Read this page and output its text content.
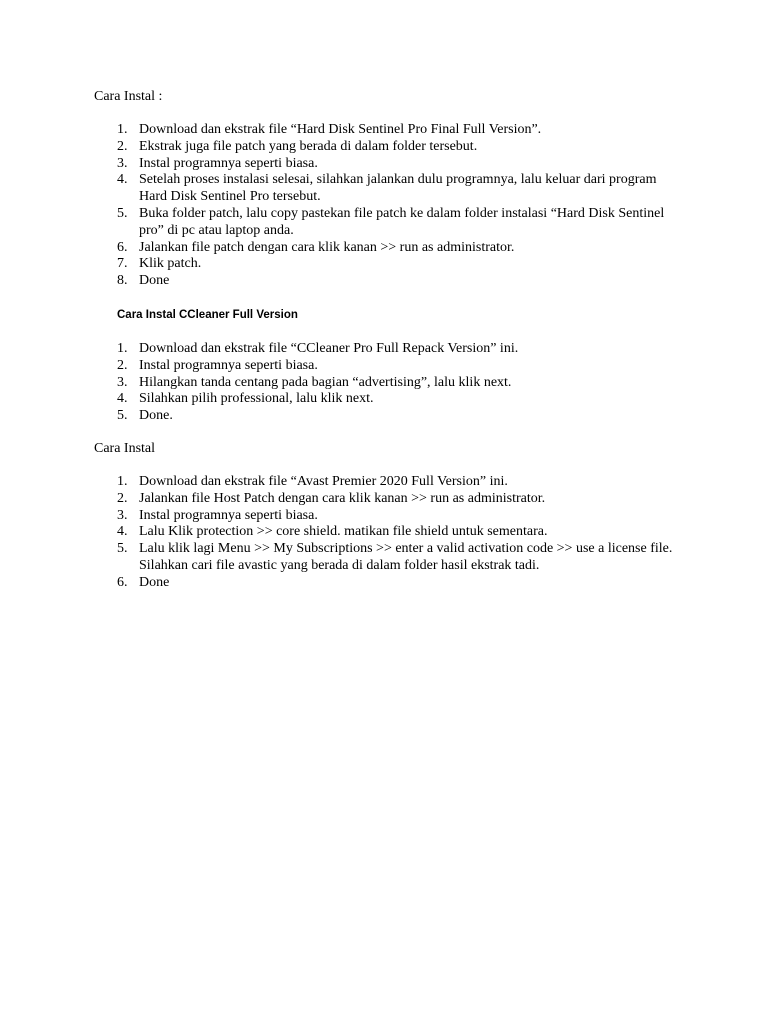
Cara Instal :

1. Download dan ekstrak file “Hard Disk Sentinel Pro Final Full Version”.
2. Ekstrak juga file patch yang berada di dalam folder tersebut.
3. Instal programnya seperti biasa.
4. Setelah proses instalasi selesai, silahkan jalankan dulu programnya, lalu keluar dari program Hard Disk Sentinel Pro tersebut.
5. Buka folder patch, lalu copy pastekan file patch ke dalam folder instalasi “Hard Disk Sentinel pro” di pc atau laptop anda.
6. Jalankan file patch dengan cara klik kanan >> run as administrator.
7. Klik patch.
8. Done

Cara Instal CCleaner Full Version

1. Download dan ekstrak file “CCleaner Pro Full Repack Version” ini.
2. Instal programnya seperti biasa.
3. Hilangkan tanda centang pada bagian “advertising”, lalu klik next.
4. Silahkan pilih professional, lalu klik next.
5. Done.

Cara Instal

1. Download dan ekstrak file “Avast Premier 2020 Full Version” ini.
2. Jalankan file Host Patch dengan cara klik kanan >> run as administrator.
3. Instal programnya seperti biasa.
4. Lalu Klik protection >> core shield. matikan file shield untuk sementara.
5. Lalu klik lagi Menu >> My Subscriptions >> enter a valid activation code >> use a license file. Silahkan cari file avastic yang berada di dalam folder hasil ekstrak tadi.
6. Done
